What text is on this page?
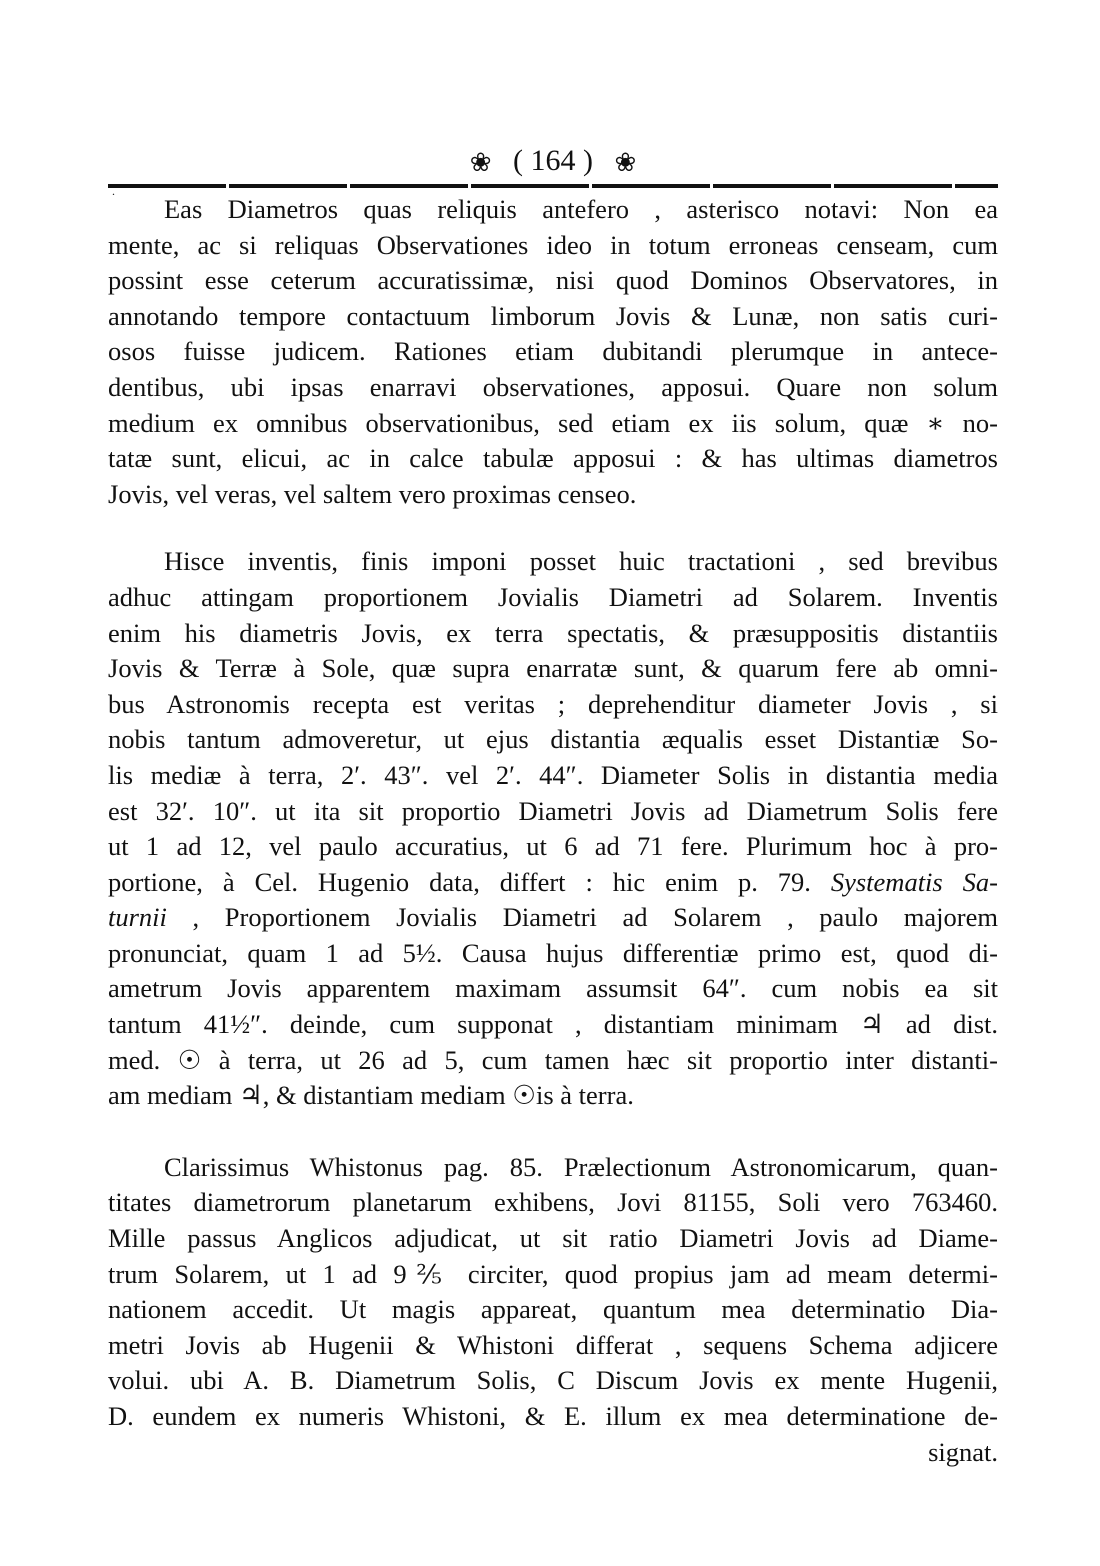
.
❀ ( 164 ) ❀
Eas Diametros quas reliquis antefero , asterisco notavi: Non ea
mente, ac si reliquas Observationes ideo in totum erroneas censeam, cum
possint esse ceterum accuratissimæ, nisi quod Dominos Observatores, in
annotando tempore contactuum limborum Jovis & Lunæ, non satis curi-
osos fuisse judicem. Rationes etiam dubitandi plerumque in antece-
dentibus, ubi ipsas enarravi observationes, apposui. Quare non solum
medium ex omnibus observationibus, sed etiam ex iis solum, quæ ∗ no-
tatæ sunt, elicui, ac in calce tabulæ apposui : & has ultimas diametros
Jovis, vel veras, vel saltem vero proximas censeo.
Hisce inventis, finis imponi posset huic tractationi , sed brevibus
adhuc attingam proportionem Jovialis Diametri ad Solarem. Inventis
enim his diametris Jovis, ex terra spectatis, & præsuppositis distantiis
Jovis & Terræ à Sole, quæ supra enarratæ sunt, & quarum fere ab omni-
bus Astronomis recepta est veritas ; deprehenditur diameter Jovis , si
nobis tantum admoveretur, ut ejus distantia æqualis esset Distantiæ So-
lis mediæ à terra, 2′. 43″. vel 2′. 44″. Diameter Solis in distantia media
est 32′. 10″. ut ita sit proportio Diametri Jovis ad Diametrum Solis fere
ut 1 ad 12, vel paulo accuratius, ut 6 ad 71 fere. Plurimum hoc à pro-
portione, à Cel. Hugenio data, differt : hic enim p. 79. Systematis Sa-
turnii , Proportionem Jovialis Diametri ad Solarem , paulo majorem
pronunciat, quam 1 ad 5½. Causa hujus differentiæ primo est, quod di-
ametrum Jovis apparentem maximam assumsit 64″. cum nobis ea sit
tantum 41½″. deinde, cum supponat , distantiam minimam ♃ ad dist.
med. ☉ à terra, ut 26 ad 5, cum tamen hæc sit proportio inter distanti-
am mediam ♃, & distantiam mediam ☉is à terra.
Clarissimus Whistonus pag. 85. Prælectionum Astronomicarum, quan-
titates diametrorum planetarum exhibens, Jovi 81155, Soli vero 763460.
Mille passus Anglicos adjudicat, ut sit ratio Diametri Jovis ad Diame-
trum Solarem, ut 1 ad 9⅖ circiter, quod propius jam ad meam determi-
nationem accedit. Ut magis appareat, quantum mea determinatio Dia-
metri Jovis ab Hugenii & Whistoni differat , sequens Schema adjicere
volui. ubi A. B. Diametrum Solis, C Discum Jovis ex mente Hugenii,
D. eundem ex numeris Whistoni, & E. illum ex mea determinatione de-
signat.
